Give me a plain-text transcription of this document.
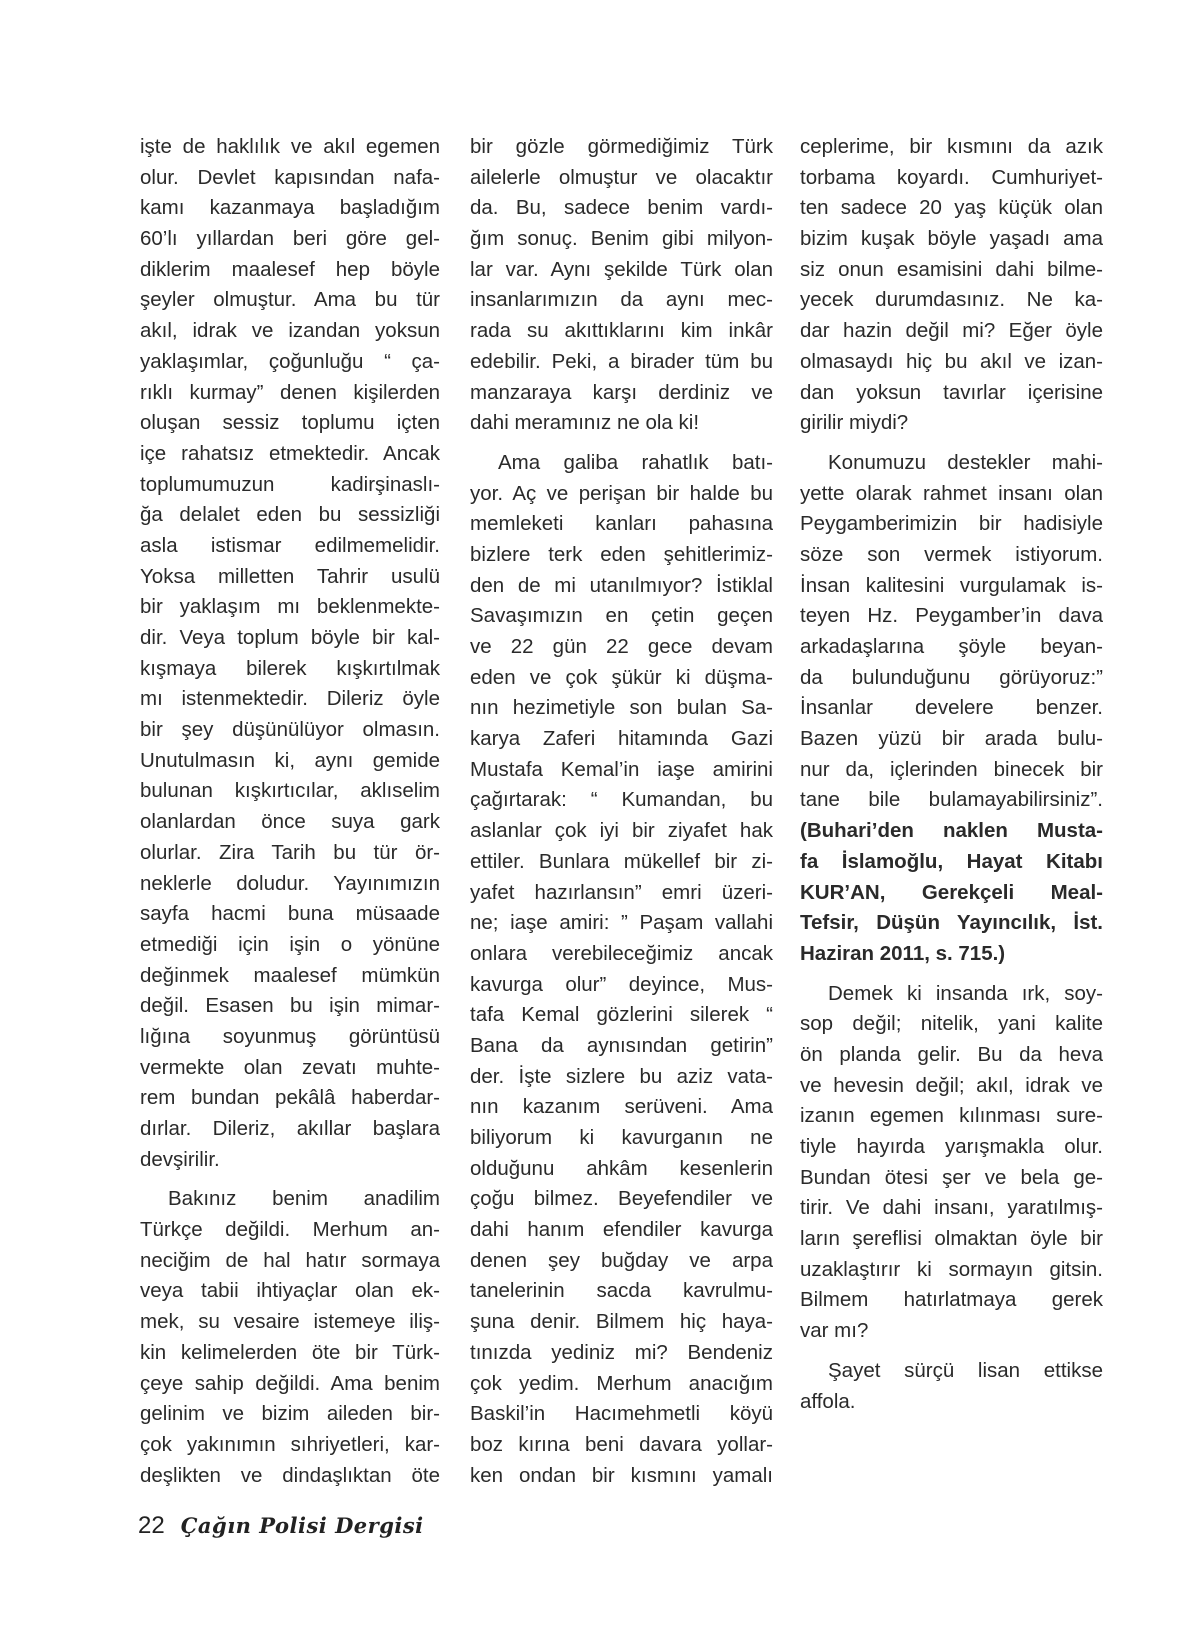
işte de haklılık ve akıl egemen
olur. Devlet kapısından nafa-
kamı kazanmaya başladığım
60’lı yıllardan beri göre gel-
diklerim maalesef hep böyle
şeyler olmuştur. Ama bu tür
akıl, idrak ve izandan yoksun
yaklaşımlar, çoğunluğu “ ça-
rıklı kurmay” denen kişilerden
oluşan sessiz toplumu içten
içe rahatsız etmektedir. Ancak
toplumumuzun kadirşinaslı-
ğa delalet eden bu sessizliği
asla istismar edilmemelidir.
Yoksa milletten Tahrir usulü
bir yaklaşım mı beklenmekte-
dir. Veya toplum böyle bir kal-
kışmaya bilerek kışkırtılmak
mı istenmektedir. Dileriz öyle
bir şey düşünülüyor olmasın.
Unutulmasın ki, aynı gemide
bulunan kışkırtıcılar, aklıselim
olanlardan önce suya gark
olurlar. Zira Tarih bu tür ör-
neklerle doludur. Yayınımızın
sayfa hacmi buna müsaade
etmediği için işin o yönüne
değinmek maalesef mümkün
değil. Esasen bu işin mimar-
lığına soyunmuş görüntüsü
vermekte olan zevatı muhte-
rem bundan pekâlâ haberdar-
dırlar. Dileriz, akıllar başlara
devşirilir.
Bakınız benim anadilim
Türkçe değildi. Merhum an-
neciğim de hal hatır sormaya
veya tabii ihtiyaçlar olan ek-
mek, su vesaire istemeye iliş-
kin kelimelerden öte bir Türk-
çeye sahip değildi. Ama benim
gelinim ve bizim aileden bir-
çok yakınımın sıhriyetleri, kar-
deşlikten ve dindaşlıktan öte
bir gözle görmediğimiz Türk
ailelerle olmuştur ve olacaktır
da. Bu, sadece benim vardı-
ğım sonuç. Benim gibi milyon-
lar var. Aynı şekilde Türk olan
insanlarımızın da aynı mec-
rada su akıttıklarını kim inkâr
edebilir. Peki, a birader tüm bu
manzaraya karşı derdiniz ve
dahi meramınız ne ola ki!
Ama galiba rahatlık batı-
yor. Aç ve perişan bir halde bu
memleketi kanları pahasına
bizlere terk eden şehitlerimiz-
den de mi utanılmıyor? İstiklal
Savaşımızın en çetin geçen
ve 22 gün 22 gece devam
eden ve çok şükür ki düşma-
nın hezimetiyle son bulan Sa-
karya Zaferi hitamında Gazi
Mustafa Kemal’in iaşe amirini
çağırtarak: “ Kumandan, bu
aslanlar çok iyi bir ziyafet hak
ettiler. Bunlara mükellef bir zi-
yafet hazırlansın” emri üzeri-
ne; iaşe amiri: ” Paşam vallahi
onlara verebileceğimiz ancak
kavurga olur” deyince, Mus-
tafa Kemal gözlerini silerek “
Bana da aynısından getirin”
der. İşte sizlere bu aziz vata-
nın kazanım serüveni. Ama
biliyorum ki kavurganın ne
olduğunu ahkâm kesenlerin
çoğu bilmez. Beyefendiler ve
dahi hanım efendiler kavurga
denen şey buğday ve arpa
tanelerinin sacda kavrulmu-
şuna denir. Bilmem hiç haya-
tınızda yediniz mi? Bendeniz
çok yedim. Merhum anacığım
Baskil’in Hacımehmetli köyü
boz kırına beni davara yollar-
ken ondan bir kısmını yamalı
ceplerime, bir kısmını da azık
torbama koyardı. Cumhuriyet-
ten sadece 20 yaş küçük olan
bizim kuşak böyle yaşadı ama
siz onun esamisini dahi bilme-
yecek durumdasınız. Ne ka-
dar hazin değil mi? Eğer öyle
olmasaydı hiç bu akıl ve izan-
dan yoksun tavırlar içerisine
girilir miydi?
Konumuzu destekler mahi-
yette olarak rahmet insanı olan
Peygamberimizin bir hadisiyle
söze son vermek istiyorum.
İnsan kalitesini vurgulamak is-
teyen Hz. Peygamber’in dava
arkadaşlarına şöyle beyan-
da bulunduğunu görüyoruz:”
İnsanlar develere benzer.
Bazen yüzü bir arada bulu-
nur da, içlerinden binecek bir
tane bile bulamayabilirsiniz”.
(Buhari’den naklen Musta-
fa İslamoğlu, Hayat Kitabı
KUR’AN, Gerekçeli Meal-
Tefsir, Düşün Yayıncılık, İst.
Haziran 2011, s. 715.)
Demek ki insanda ırk, soy-
sop değil; nitelik, yani kalite
ön planda gelir. Bu da heva
ve hevesin değil; akıl, idrak ve
izanın egemen kılınması sure-
tiyle hayırda yarışmakla olur.
Bundan ötesi şer ve bela ge-
tirir. Ve dahi insanı, yaratılmış-
ların şereflisi olmaktan öyle bir
uzaklaştırır ki sormayın gitsin.
Bilmem hatırlatmaya gerek
var mı?
Şayet sürçü lisan ettikse
affola.
22 Çağın Polisi Dergisi
